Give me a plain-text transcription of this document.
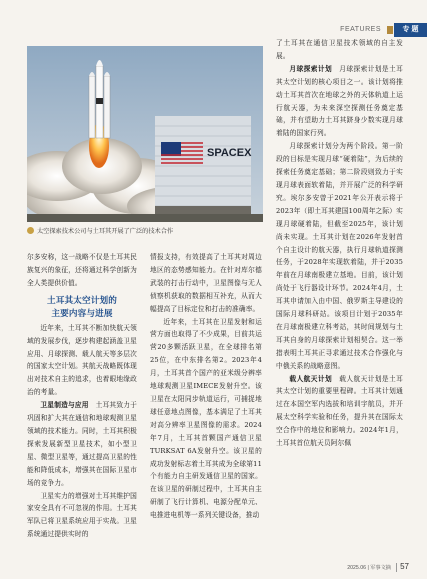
FEATURES	专 题
SPACEX
太空探索技术公司与土耳其开展了广泛的技术合作

尔多安称，这一战略不仅是土耳其民族复兴的象征，还将通过科学创新为全人类提供价值。

土耳其太空计划的
主要内容与进展

近年来，土耳其不断加快航天领域的发展步伐，逐步构建起涵盖卫星应用、月球探测、载人航天等多层次的国家太空计划。其航天战略既体现出对技术自主的追求，也着眼地缘政治的考量。

卫星制造与应用　 土耳其致力于巩固和扩大其在通信和地球观测卫星领域的技术能力。同时，土耳其积极探索发展新型卫星技术，如小型卫星、微型卫星等，通过提高卫星的性能和降低成本，增强其在国际卫星市场的竞争力。

卫星实力的增强对土耳其维护国家安全具有不可忽视的作用。土耳其军队已将卫星系统应用于实战。卫星系统通过提供实时的

情报支持，有效提高了土耳其对周边地区的态势感知能力。在针对库尔德武装的打击行动中，卫星图像与无人侦察机获取的数据相互补充，从而大幅提高了目标定位和打击的准确率。

近年来，土耳其在卫星发射和运营方面也取得了不少成果，目前共运营20多颗活跃卫星，在全球排名第25位，在中东排名第2。2023年4月，土耳其首个国产的亚米级分辨率地球观测卫星IMECE发射升空。该卫星在太阳同步轨道运行，可捕捉地球任意地点图像，基本满足了土耳其对高分辨率卫星图像的需求。2024年7月，土耳其首颗国产通信卫星TURKSAT 6A发射升空。该卫星的成功发射标志着土耳其成为全球第11个有能力自主研发通信卫星的国家。在该卫星的研制过程中，土耳其自主研制了飞行计算机、电源分配单元、电推进电机等一系列关键设备，推动

了土耳其在通信卫星技术领域的自主发展。

月球探索计划　 月球探索计划是土耳其太空计划的核心项目之一。该计划将推动土耳其首次在地球之外的天体轨道上运行航天器，为未来深空探测任务奠定基础，并有望助力土耳其跻身少数实现月球着陆的国家行列。

月球探索计划分为两个阶段。第一阶段的目标是实现月球“硬着陆”，为后续的探索任务奠定基础；第二阶段则致力于实现月球表面软着陆，并开展广泛的科学研究。埃尔多安曾于2021年公开表示将于2023年（即土耳其建国100周年之际）实现月球硬着陆，但截至2025年，该计划尚未实现。土耳其计划在2026年发射首个自主设计的航天器，执行月球轨道探测任务，于2028年实现软着陆，并于2035年前在月球南极建立基地。目前，该计划尚处于飞行器设计环节。2024年4月，土耳其申请加入由中国、俄罗斯主导建设的国际月球科研站。该项目计划于2035年在月球南极建立科考站，其时间规划与土耳其自身的月球探索计划相契合。这一举措表明土耳其正寻求通过技术合作强化与中俄关系的战略意图。

载人航天计划　 载人航天计划是土耳其太空计划的重要里程碑。土耳其计划通过在本国空军内选拔和培训宇航员，并开展太空科学实验和任务，提升其在国际太空合作中的地位和影响力。2024年1月，土耳其首位航天员阿尔佩

2025.06 | 军事文摘 57
